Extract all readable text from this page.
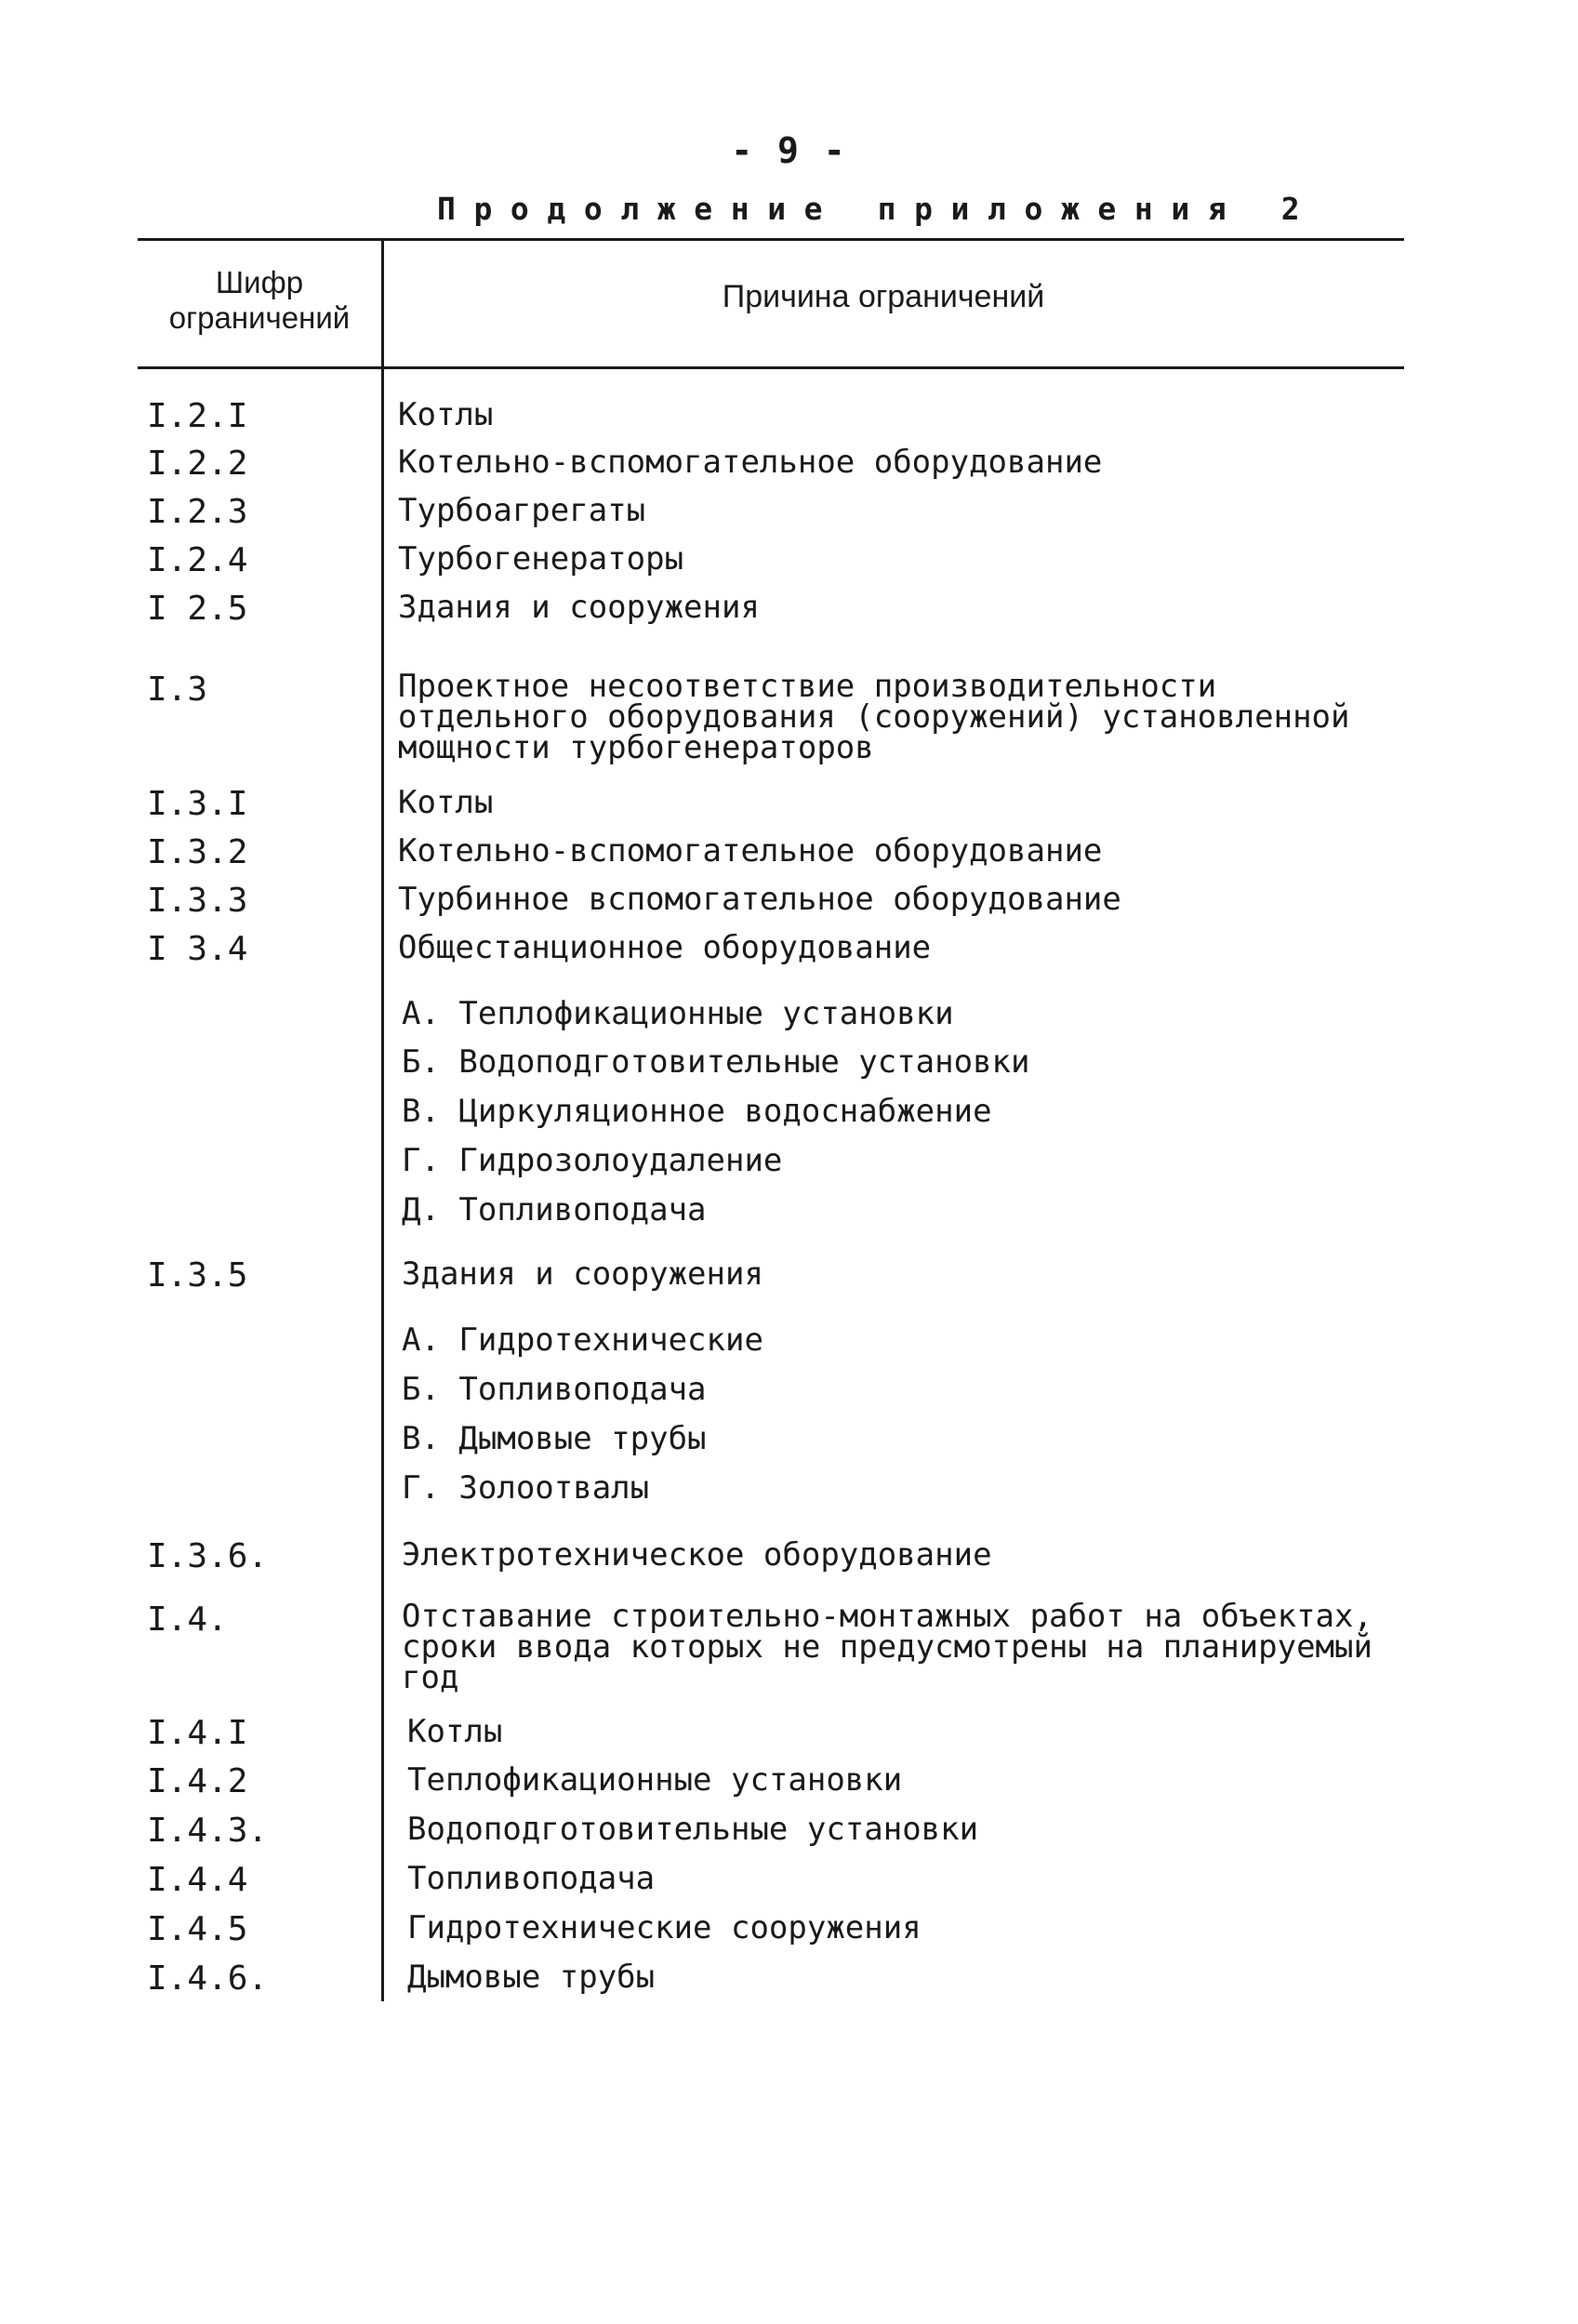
- 9 -
Продолжение приложения 2
Шифр
ограничений
Причина ограничений
I.2.I	Котлы
I.2.2	Котельно-вспомогательное оборудование
I.2.3	Турбоагрегаты
I.2.4	Турбогенераторы
I 2.5	Здания и сооружения
I.3	Проектное несоответствие производительности отдельного оборудования (сооружений) установленной мощности турбогенераторов
I.3.I	Котлы
I.3.2	Котельно-вспомогательное оборудование
I.3.3	Турбинное вспомогательное оборудование
I 3.4	Общестанционное оборудование
А. Теплофикационные установки
Б. Водоподготовительные установки
В. Циркуляционное водоснабжение
Г. Гидрозолоудаление
Д. Топливоподача
I.3.5	Здания и сооружения
А. Гидротехнические
Б. Топливоподача
В. Дымовые трубы
Г. Золоотвалы
I.3.6.	Электротехническое оборудование
I.4.	Отставание строительно-монтажных работ на объектах, сроки ввода которых не предусмотрены на планируемый год
I.4.I	Котлы
I.4.2	Теплофикационные установки
I.4.3.	Водоподготовительные установки
I.4.4	Топливоподача
I.4.5	Гидротехнические сооружения
I.4.6.	Дымовые трубы
